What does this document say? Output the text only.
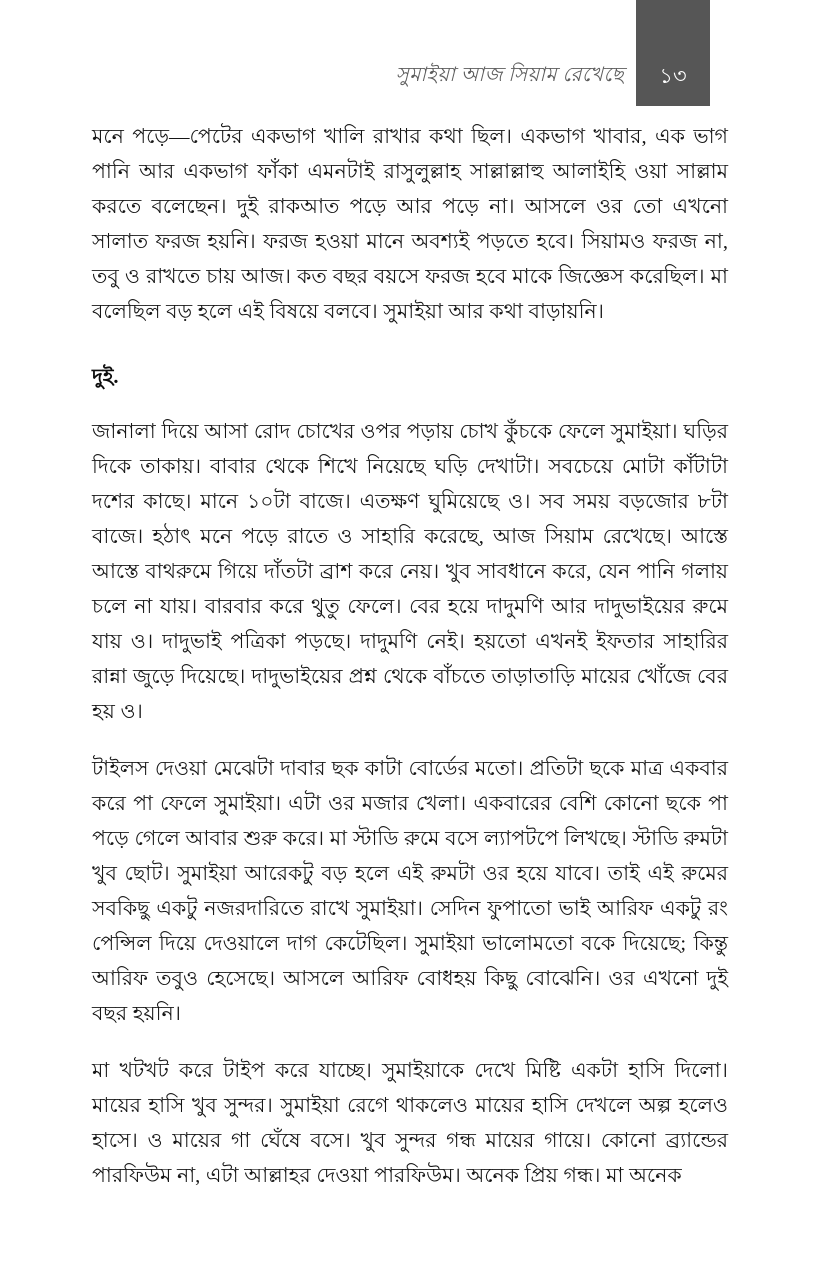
সুমাইয়া আজ সিয়াম রেখেছে	১৩

মনে পড়ে—পেটের একভাগ খালি রাখার কথা ছিল। একভাগ খাবার, এক ভাগ পানি আর একভাগ ফাঁকা এমনটাই রাসুলুল্লাহ সাল্লাল্লাহু আলাইহি ওয়া সাল্লাম করতে বলেছেন। দুই রাকআত পড়ে আর পড়ে না। আসলে ওর তো এখনো সালাত ফরজ হয়নি। ফরজ হওয়া মানে অবশ্যই পড়তে হবে। সিয়ামও ফরজ না, তবু ও রাখতে চায় আজ। কত বছর বয়সে ফরজ হবে মাকে জিজ্ঞেস করেছিল। মা বলেছিল বড় হলে এই বিষয়ে বলবে। সুমাইয়া আর কথা বাড়ায়নি।

দুই.

জানালা দিয়ে আসা রোদ চোখের ওপর পড়ায় চোখ কুঁচকে ফেলে সুমাইয়া। ঘড়ির দিকে তাকায়। বাবার থেকে শিখে নিয়েছে ঘড়ি দেখাটা। সবচেয়ে মোটা কাঁটাটা দশের কাছে। মানে ১০টা বাজে। এতক্ষণ ঘুমিয়েছে ও। সব সময় বড়জোর ৮টা বাজে। হঠাৎ মনে পড়ে রাতে ও সাহারি করেছে, আজ সিয়াম রেখেছে। আস্তে আস্তে বাথরুমে গিয়ে দাঁতটা ব্রাশ করে নেয়। খুব সাবধানে করে, যেন পানি গলায় চলে না যায়। বারবার করে থুতু ফেলে। বের হয়ে দাদুমণি আর দাদুভাইয়ের রুমে যায় ও। দাদুভাই পত্রিকা পড়ছে। দাদুমণি নেই। হয়তো এখনই ইফতার সাহারির রান্না জুড়ে দিয়েছে। দাদুভাইয়ের প্রশ্ন থেকে বাঁচতে তাড়াতাড়ি মায়ের খোঁজে বের হয় ও।

টাইলস দেওয়া মেঝেটা দাবার ছক কাটা বোর্ডের মতো। প্রতিটা ছকে মাত্র একবার করে পা ফেলে সুমাইয়া। এটা ওর মজার খেলা। একবারের বেশি কোনো ছকে পা পড়ে গেলে আবার শুরু করে। মা স্টাডি রুমে বসে ল্যাপটপে লিখছে। স্টাডি রুমটা খুব ছোট। সুমাইয়া আরেকটু বড় হলে এই রুমটা ওর হয়ে যাবে। তাই এই রুমের সবকিছু একটু নজরদারিতে রাখে সুমাইয়া। সেদিন ফুপাতো ভাই আরিফ একটু রং পেন্সিল দিয়ে দেওয়ালে দাগ কেটেছিল। সুমাইয়া ভালোমতো বকে দিয়েছে; কিন্তু আরিফ তবুও হেসেছে। আসলে আরিফ বোধহয় কিছু বোঝেনি। ওর এখনো দুই বছর হয়নি।

মা খটখট করে টাইপ করে যাচ্ছে। সুমাইয়াকে দেখে মিষ্টি একটা হাসি দিলো। মায়ের হাসি খুব সুন্দর। সুমাইয়া রেগে থাকলেও মায়ের হাসি দেখলে অল্প হলেও হাসে। ও মায়ের গা ঘেঁষে বসে। খুব সুন্দর গন্ধ মায়ের গায়ে। কোনো ব্র্যান্ডের পারফিউম না, এটা আল্লাহর দেওয়া পারফিউম। অনেক প্রিয় গন্ধ। মা অনেক
